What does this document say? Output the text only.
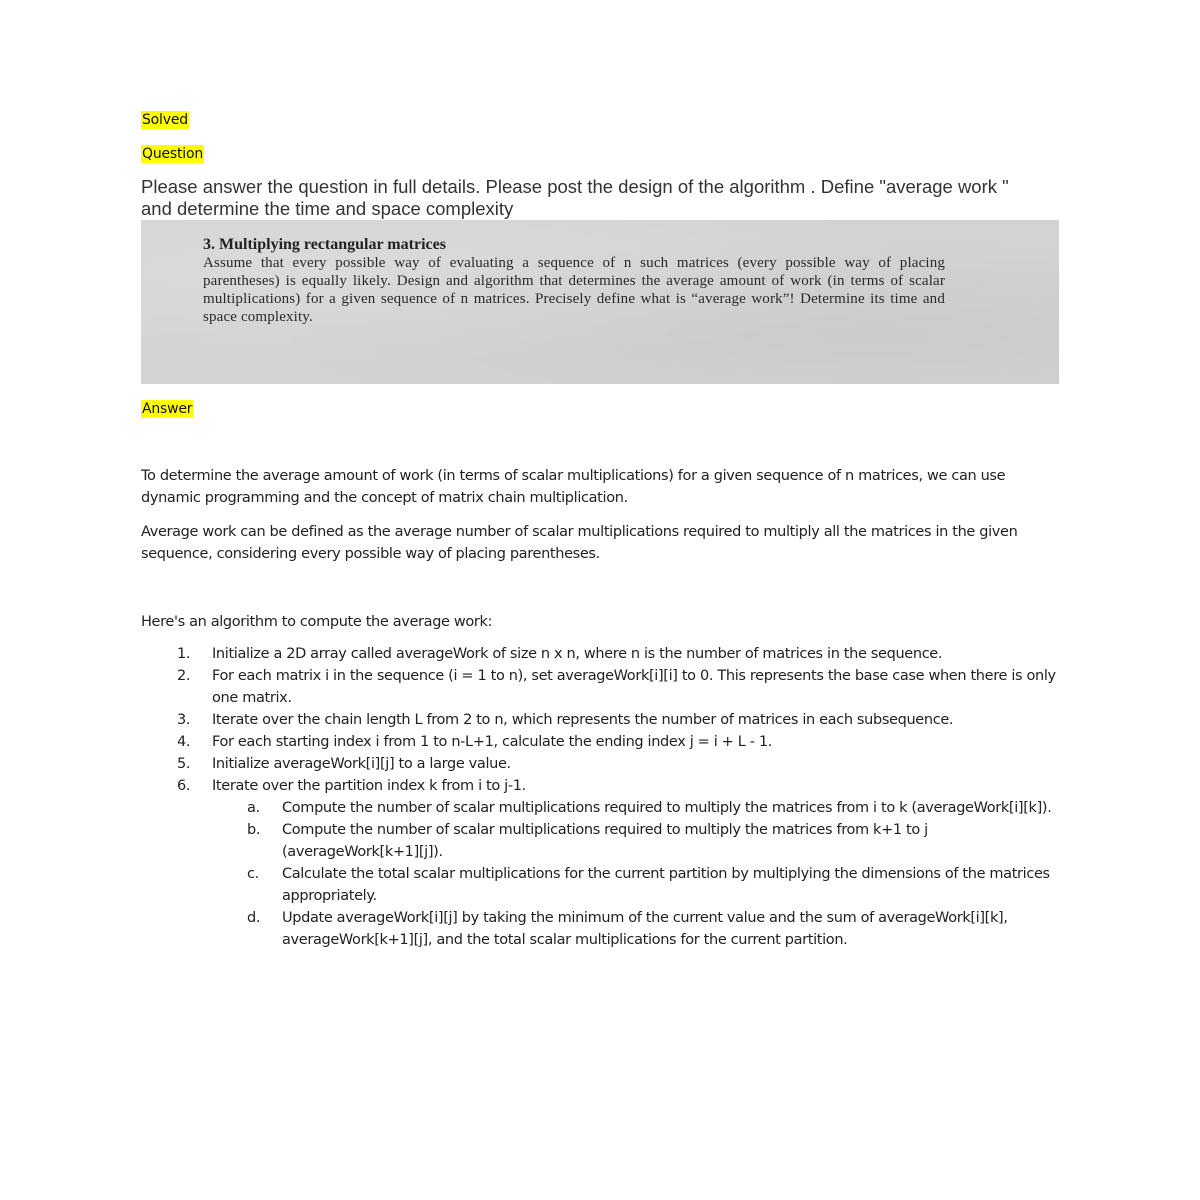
Solved
Question
Please answer the question in full details. Please post the design of the algorithm . Define "average work " and determine the time and space complexity
3. Multiplying rectangular matrices
Assume that every possible way of evaluating a sequence of n such matrices (every possible way of placing parentheses) is equally likely. Design and algorithm that determines the average amount of work (in terms of scalar multiplications) for a given sequence of n matrices. Precisely define what is “average work”! Determine its time and space complexity.
Answer

To determine the average amount of work (in terms of scalar multiplications) for a given sequence of n matrices, we can use dynamic programming and the concept of matrix chain multiplication.

Average work can be defined as the average number of scalar multiplications required to multiply all the matrices in the given sequence, considering every possible way of placing parentheses.

Here's an algorithm to compute the average work:

1. Initialize a 2D array called averageWork of size n x n, where n is the number of matrices in the sequence.
2. For each matrix i in the sequence (i = 1 to n), set averageWork[i][i] to 0. This represents the base case when there is only one matrix.
3. Iterate over the chain length L from 2 to n, which represents the number of matrices in each subsequence.
4. For each starting index i from 1 to n-L+1, calculate the ending index j = i + L - 1.
5. Initialize averageWork[i][j] to a large value.
6. Iterate over the partition index k from i to j-1.
a. Compute the number of scalar multiplications required to multiply the matrices from i to k (averageWork[i][k]).
b. Compute the number of scalar multiplications required to multiply the matrices from k+1 to j (averageWork[k+1][j]).
c. Calculate the total scalar multiplications for the current partition by multiplying the dimensions of the matrices appropriately.
d. Update averageWork[i][j] by taking the minimum of the current value and the sum of averageWork[i][k], averageWork[k+1][j], and the total scalar multiplications for the current partition.
